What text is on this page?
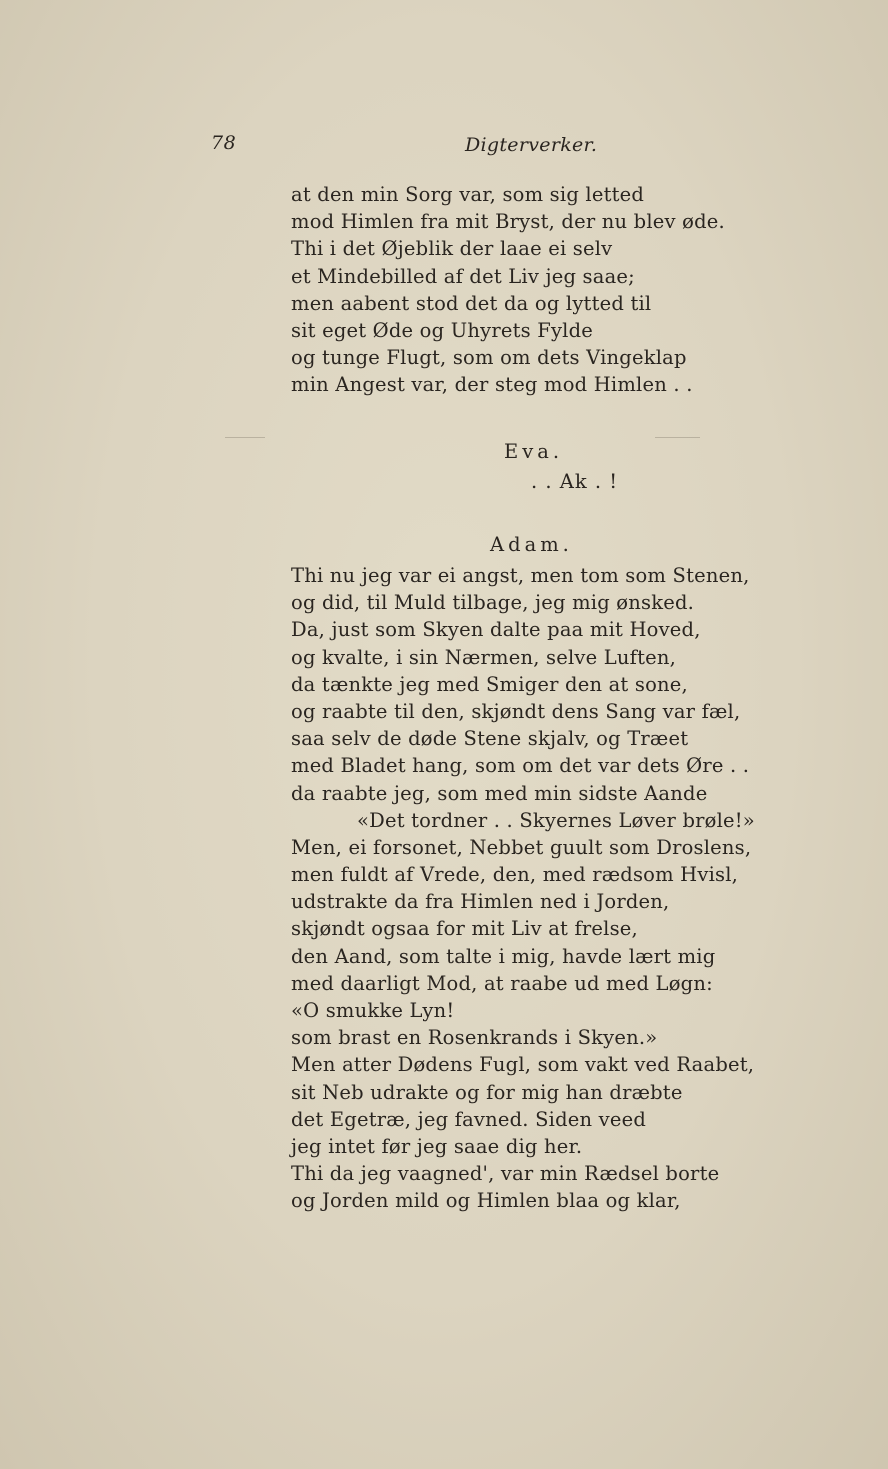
78	Digterverker.
at den min Sorg var, som sig letted
mod Himlen fra mit Bryst, der nu blev øde.
Thi i det Øjeblik der laae ei selv
et Mindebilled af det Liv jeg saae;
men aabent stod det da og lytted til
sit eget Øde og Uhyrets Fylde
og tunge Flugt, som om dets Vingeklap
min Angest var, der steg mod Himlen . .
Eva.
. . Ak . !
Adam.
Thi nu jeg var ei angst, men tom som Stenen,
og did, til Muld tilbage, jeg mig ønsked.
Da, just som Skyen dalte paa mit Hoved,
og kvalte, i sin Nærmen, selve Luften,
da tænkte jeg med Smiger den at sone,
og raabte til den, skjøndt dens Sang var fæl,
saa selv de døde Stene skjalv, og Træet
med Bladet hang, som om det var dets Øre . .
da raabte jeg, som med min sidste Aande
«Det tordner . . Skyernes Løver brøle!»
Men, ei forsonet, Nebbet guult som Droslens,
men fuldt af Vrede, den, med rædsom Hvisl,
udstrakte da fra Himlen ned i Jorden,
skjøndt ogsaa for mit Liv at frelse,
den Aand, som talte i mig, havde lært mig
med daarligt Mod, at raabe ud med Løgn:
«O smukke Lyn!
som brast en Rosenkrands i Skyen.»
Men atter Dødens Fugl, som vakt ved Raabet,
sit Neb udrakte og for mig han dræbte
det Egetræ, jeg favned. Siden veed
jeg intet før jeg saae dig her.
Thi da jeg vaagned', var min Rædsel borte
og Jorden mild og Himlen blaa og klar,
